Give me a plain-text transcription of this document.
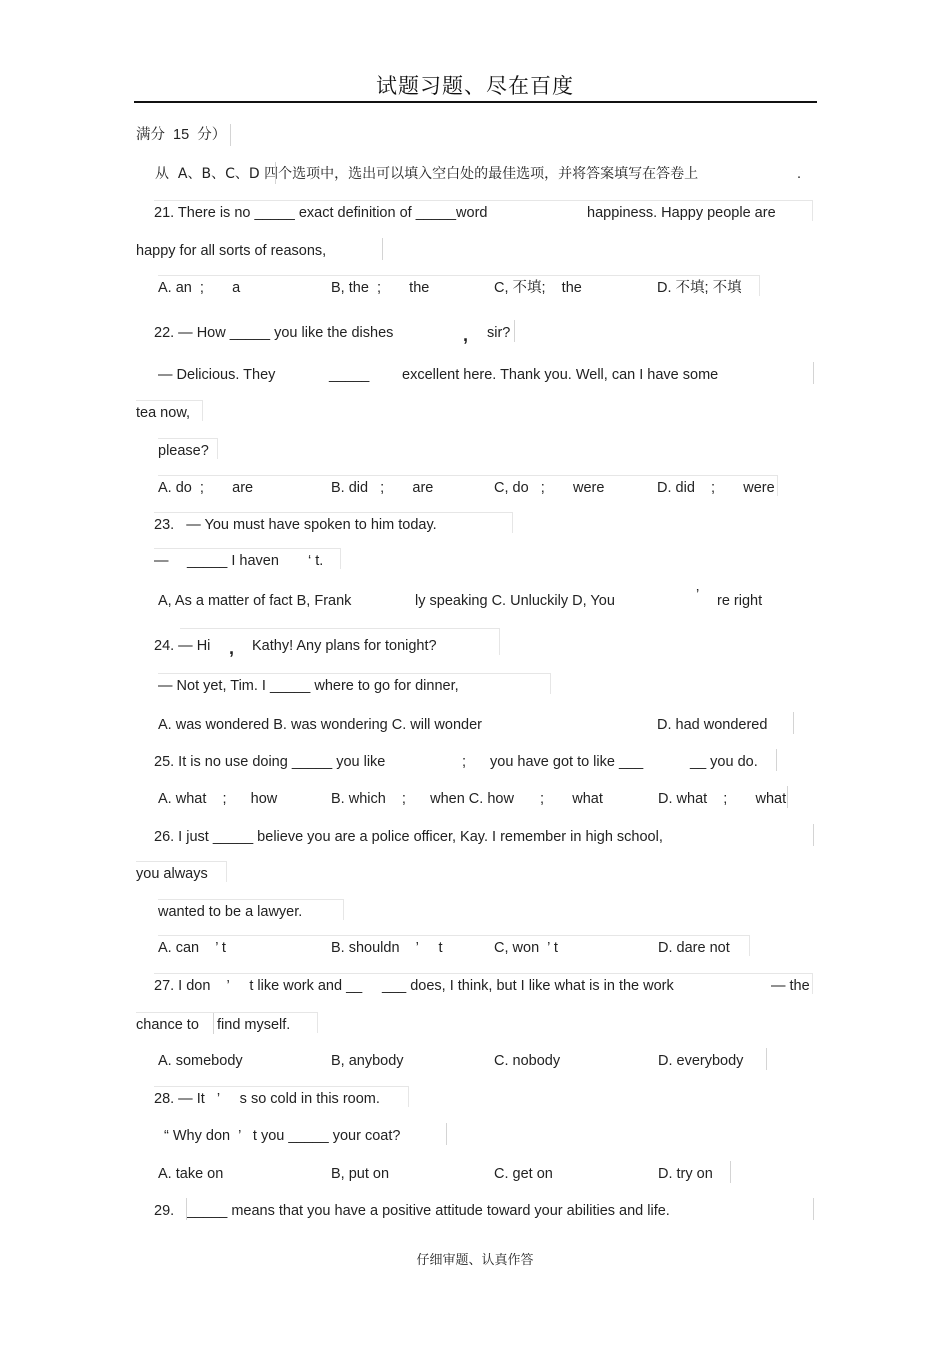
试题习题、尽在百度
满分  15  分）
从  A、B、C、D 四个选项中，选出可以填入空白处的最佳选项，并将答案填写在答卷上	.
21. There is no _____ exact definition of _____word	happiness. Happy people are
happy for all sorts of reasons,
A. an  ;       a	B, the  ;       the	C, 不填;    the	D. 不填; 不填
22. — How _____ you like the dishes	, sir?
— Delicious. They	_____ excellent here. Thank you. Well, can I have some
tea now,
please?
A. do  ;       are	B. did   ;       are	C, do   ;       were	D. did    ;       were
23.   — You must have spoken to him today.
— _____ I haven ‘ t.
A, As a matter of fact B, Frank	ly speaking C. Unluckily D, You	’ re right
24. — Hi , Kathy! Any plans for tonight?
— Not yet, Tim. I _____ where to go for dinner,
A. was wondered B. was wondering C. will wonder	D. had wondered
25. It is no use doing _____ you like	; you have got to like ___	__ you do.
A. what    ;      how	B. which    ;      when C. how ;       what	D. what    ;       what
26. I just _____ believe you are a police officer, Kay. I remember in high school,
you always
wanted to be a lawyer.
A. can    ’ t	B. shouldn    ’     t	C, won  ’ t	D. dare not
27. I don    ’     t like work and __ ___ does, I think, but I like what is in the work	— the
chance to find myself.
A. somebody	B, anybody	C. nobody	D. everybody
28. — It   ’     s so cold in this room.
“ Why don  ’   t you _____ your coat?
A. take on	B, put on	C. get on	D. try on
29. _____ means that you have a positive attitude toward your abilities and life.
仔细审题、认真作答
